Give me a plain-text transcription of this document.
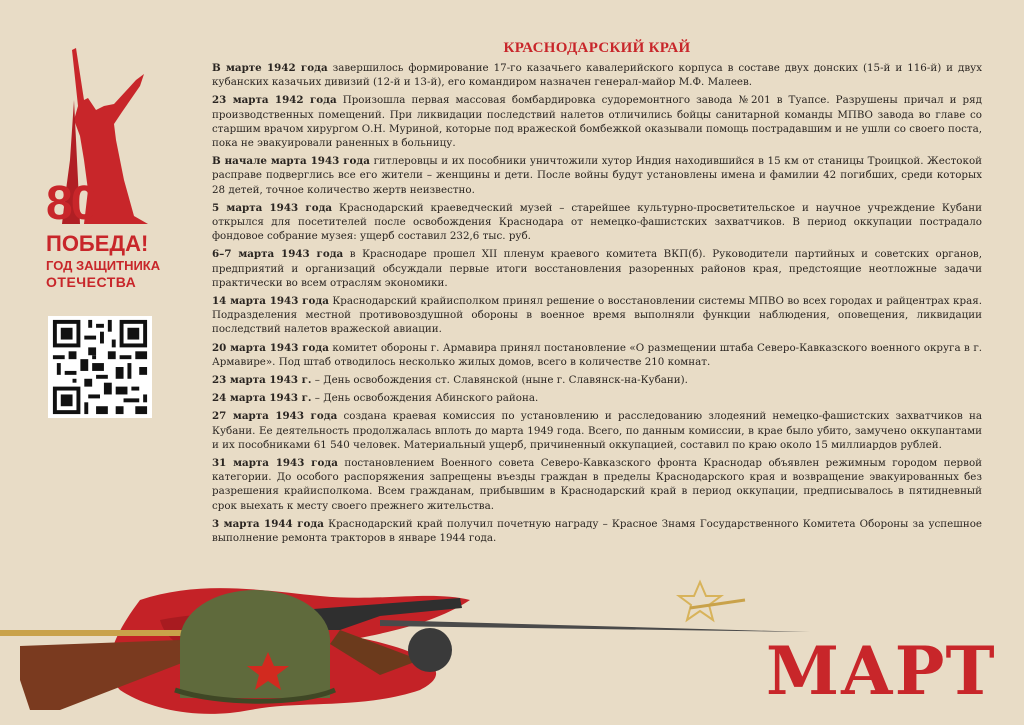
80
ПОБЕДА!
ГОД ЗАЩИТНИКА
ОТЕЧЕСТВА
КРАСНОДАРСКИЙ КРАЙ

В марте 1942 года завершилось формирование 17-го казачьего кавалерийского корпуса в составе двух донских (15-й и 116-й) и двух кубанских казачьих дивизий (12-й и 13-й), его командиром назначен генерал-майор М.Ф. Малеев.

23 марта 1942 года Произошла первая массовая бомбардировка судоремонтного завода №201 в Туапсе. Разрушены причал и ряд производственных помещений. При ликвидации последствий налетов отличились бойцы санитарной команды МПВО завода во главе со старшим врачом хирургом О.Н. Муриной, которые под вражеской бомбежкой оказывали помощь пострадавшим и не ушли со своего поста, пока не эвакуировали раненных в больницу.

В начале марта 1943 года гитлеровцы и их пособники уничтожили хутор Индия находившийся в 15 км от станицы Троицкой. Жестокой расправе подверглись все его жители – женщины и дети. После войны будут установлены имена и фамилии 42 погибших, среди которых 28 детей, точное количество жертв неизвестно.

5 марта 1943 года Краснодарский краеведческий музей – старейшее культурно-просветительское и научное учреждение Кубани открылся для посетителей после освобождения Краснодара от немецко-фашистских захватчиков. В период оккупации пострадало фондовое собрание музея: ущерб составил 232,6 тыс. руб.

6–7 марта 1943 года в Краснодаре прошел XII пленум краевого комитета ВКП(б). Руководители партийных и советских органов, предприятий и организаций обсуждали первые итоги восстановления разоренных районов края, предстоящие неотложные задачи практически во всем отраслям экономики.

14 марта 1943 года Краснодарский крайисполком принял решение о восстановлении системы МПВО во всех городах и райцентрах края. Подразделения местной противовоздушной обороны в военное время выполняли функции наблюдения, оповещения, ликвидации последствий налетов вражеской авиации.

20 марта 1943 года комитет обороны г. Армавира принял постановление «О размещении штаба Северо-Кавказского военного округа в г. Армавире». Под штаб отводилось несколько жилых домов, всего в количестве 210 комнат.

23 марта 1943 г. – День освобождения ст. Славянской (ныне г. Славянск-на-Кубани).

24 марта 1943 г. – День освобождения Абинского района.

27 марта 1943 года создана краевая комиссия по установлению и расследованию злодеяний немецко-фашистских захватчиков на Кубани. Ее деятельность продолжалась вплоть до марта 1949 года. Всего, по данным комиссии, в крае было убито, замучено оккупантами и их пособниками 61 540 человек. Материальный ущерб, причиненный оккупацией, составил по краю около 15 миллиардов рублей.

31 марта 1943 года постановлением Военного совета Северо-Кавказского фронта Краснодар объявлен режимным городом первой категории. До особого распоряжения запрещены въезды граждан в пределы Краснодарского края и возвращение эвакуированных без разрешения крайисполкома. Всем гражданам, прибывшим в Краснодарский край в период оккупации, предписывалось в пятидневный срок выехать к месту своего прежнего жительства.

3 марта 1944 года Краснодарский край получил почетную награду – Красное Знамя Государственного Комитета Обороны за успешное выполнение ремонта тракторов в январе 1944 года.

МАРТ
